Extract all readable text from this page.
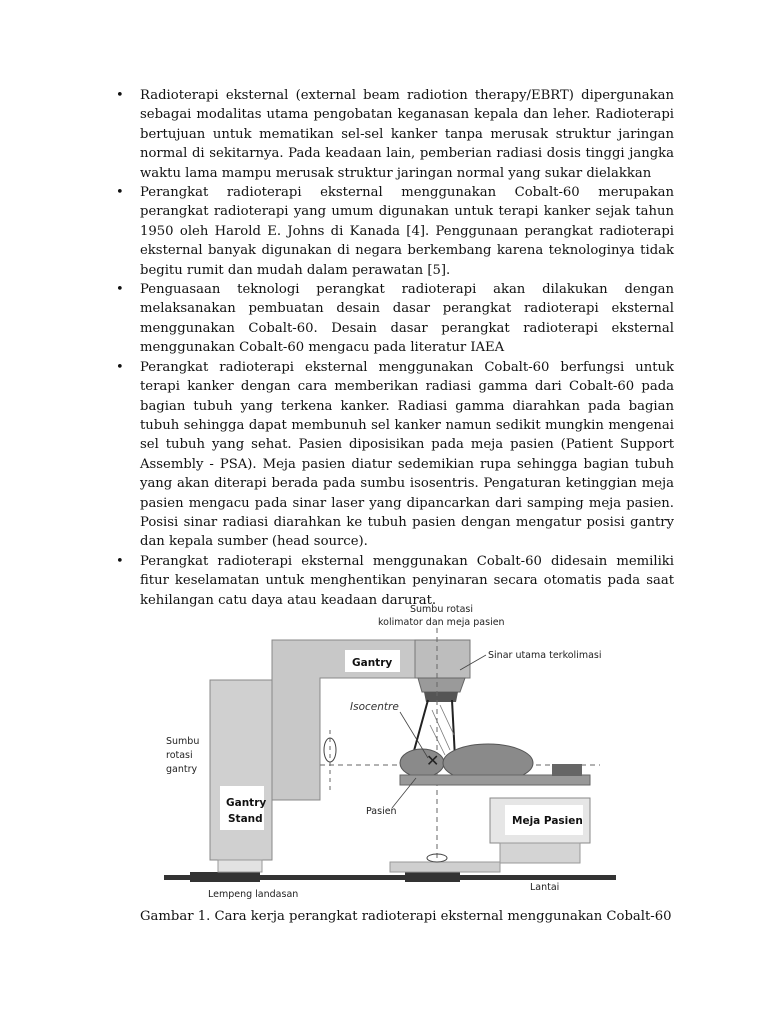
• Radioterapi eksternal (external beam radiotion therapy/EBRT) dipergunakan sebagai modalitas utama pengobatan keganasan kepala dan leher. Radioterapi bertujuan untuk mematikan sel-sel kanker tanpa merusak struktur jaringan normal di sekitarnya. Pada keadaan lain, pemberian radiasi dosis tinggi jangka waktu lama mampu merusak struktur jaringan normal yang sukar dielakkan
• Perangkat radioterapi eksternal menggunakan Cobalt-60 merupakan perangkat radioterapi yang umum digunakan untuk terapi kanker sejak tahun 1950 oleh Harold E. Johns di Kanada [4]. Penggunaan perangkat radioterapi eksternal banyak digunakan di negara berkembang karena teknologinya tidak begitu rumit dan mudah dalam perawatan [5].
• Penguasaan teknologi perangkat radioterapi akan dilakukan dengan melaksanakan pembuatan desain dasar perangkat radioterapi eksternal menggunakan Cobalt-60. Desain dasar perangkat radioterapi eksternal menggunakan Cobalt-60 mengacu pada literatur IAEA
• Perangkat radioterapi eksternal menggunakan Cobalt-60 berfungsi untuk terapi kanker dengan cara memberikan radiasi gamma dari Cobalt-60 pada bagian tubuh yang terkena kanker. Radiasi gamma diarahkan pada bagian tubuh sehingga dapat membunuh sel kanker namun sedikit mungkin mengenai sel tubuh yang sehat. Pasien diposisikan pada meja pasien (Patient Support Assembly - PSA). Meja pasien diatur sedemikian rupa sehingga bagian tubuh yang akan diterapi berada pada sumbu isosentris. Pengaturan ketinggian meja pasien mengacu pada sinar laser yang dipancarkan dari samping meja pasien. Posisi sinar radiasi diarahkan ke tubuh pasien dengan mengatur posisi gantry dan kepala sumber (head source).
• Perangkat radioterapi eksternal menggunakan Cobalt-60 didesain memiliki fitur keselamatan untuk menghentikan penyinaran secara otomatis pada saat kehilangan catu daya atau keadaan darurat.
Gantry
Stand
Gantry
✕
Meja Pasien
Sumbu rotasi
kolimator dan meja pasien
Sinar utama terkolimasi
Isocentre
Sumbu
rotasi
gantry
Pasien
Lempeng landasan
Lantai
Gambar 1. Cara kerja perangkat radioterapi eksternal menggunakan Cobalt-60
